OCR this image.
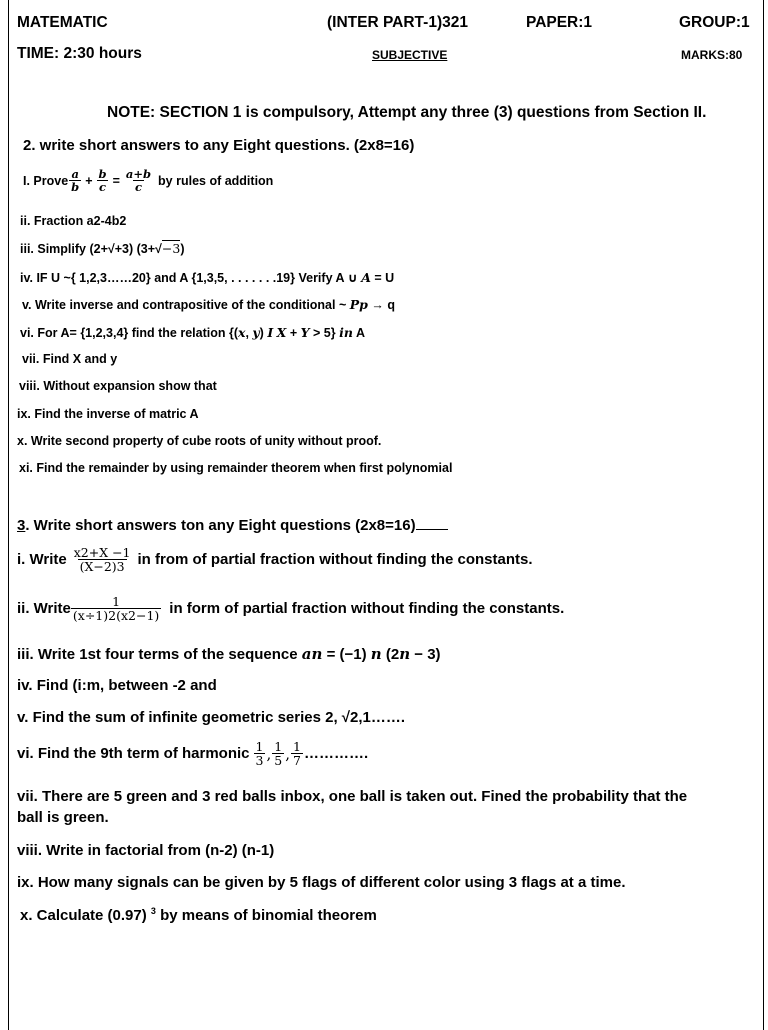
MATEMATIC	(INTER PART-1)321	PAPER:1	GROUP:1
TIME: 2:30 hours	SUBJECTIVE	MARKS:80
NOTE: SECTION 1 is compulsory, Attempt any three (3) questions from Section II.
2. write short answers to any Eight questions. (2x8=16)
I. Prove $\frac{a}{b} + \frac{b}{c} = \frac{a+b}{c}$ by rules of addition
ii. Fraction a2-4b2
iii. Simplify (2+√+3) (3+√−3)
iv. IF U ~{ 1,2,3……20} and A {1,3,5, . . . . . . .19} Verify A ∪ A = U
v. Write inverse and contrapositive of the conditional ~ Pp → q
vi. For A= {1,2,3,4} find the relation {(x, y) I X + Y > 5} in A
vii. Find X and y
viii. Without expansion show that
ix. Find the inverse of matric A
x. Write second property of cube roots of unity without proof.
xi. Find the remainder by using remainder theorem when first polynomial
3. Write short answers ton any Eight questions (2x8=16)
i. Write $\frac{x2+X -1}{(X-2)3}$ in from of partial fraction without finding the constants.
ii. Write $\frac{1}{(x\div 1)2(x2-1)}$ in form of partial fraction without finding the constants.
iii. Write 1st four terms of the sequence an = (−1) n (2n − 3)
iv. Find (i:m, between -2 and
v. Find the sum of infinite geometric series 2, √2,1…….
vi. Find the 9th term of harmonic $\frac{1}{3}$ , $\frac{1}{5}$ , $\frac{1}{7}$ ………….
vii. There are 5 green and 3 red balls inbox, one ball is taken out. Fined the probability that the
ball is green.
viii. Write in factorial from (n-2) (n-1)
ix. How many signals can be given by 5 flags of different color using 3 flags at a time.
x. Calculate (0.97) $^3$ by means of binomial theorem
